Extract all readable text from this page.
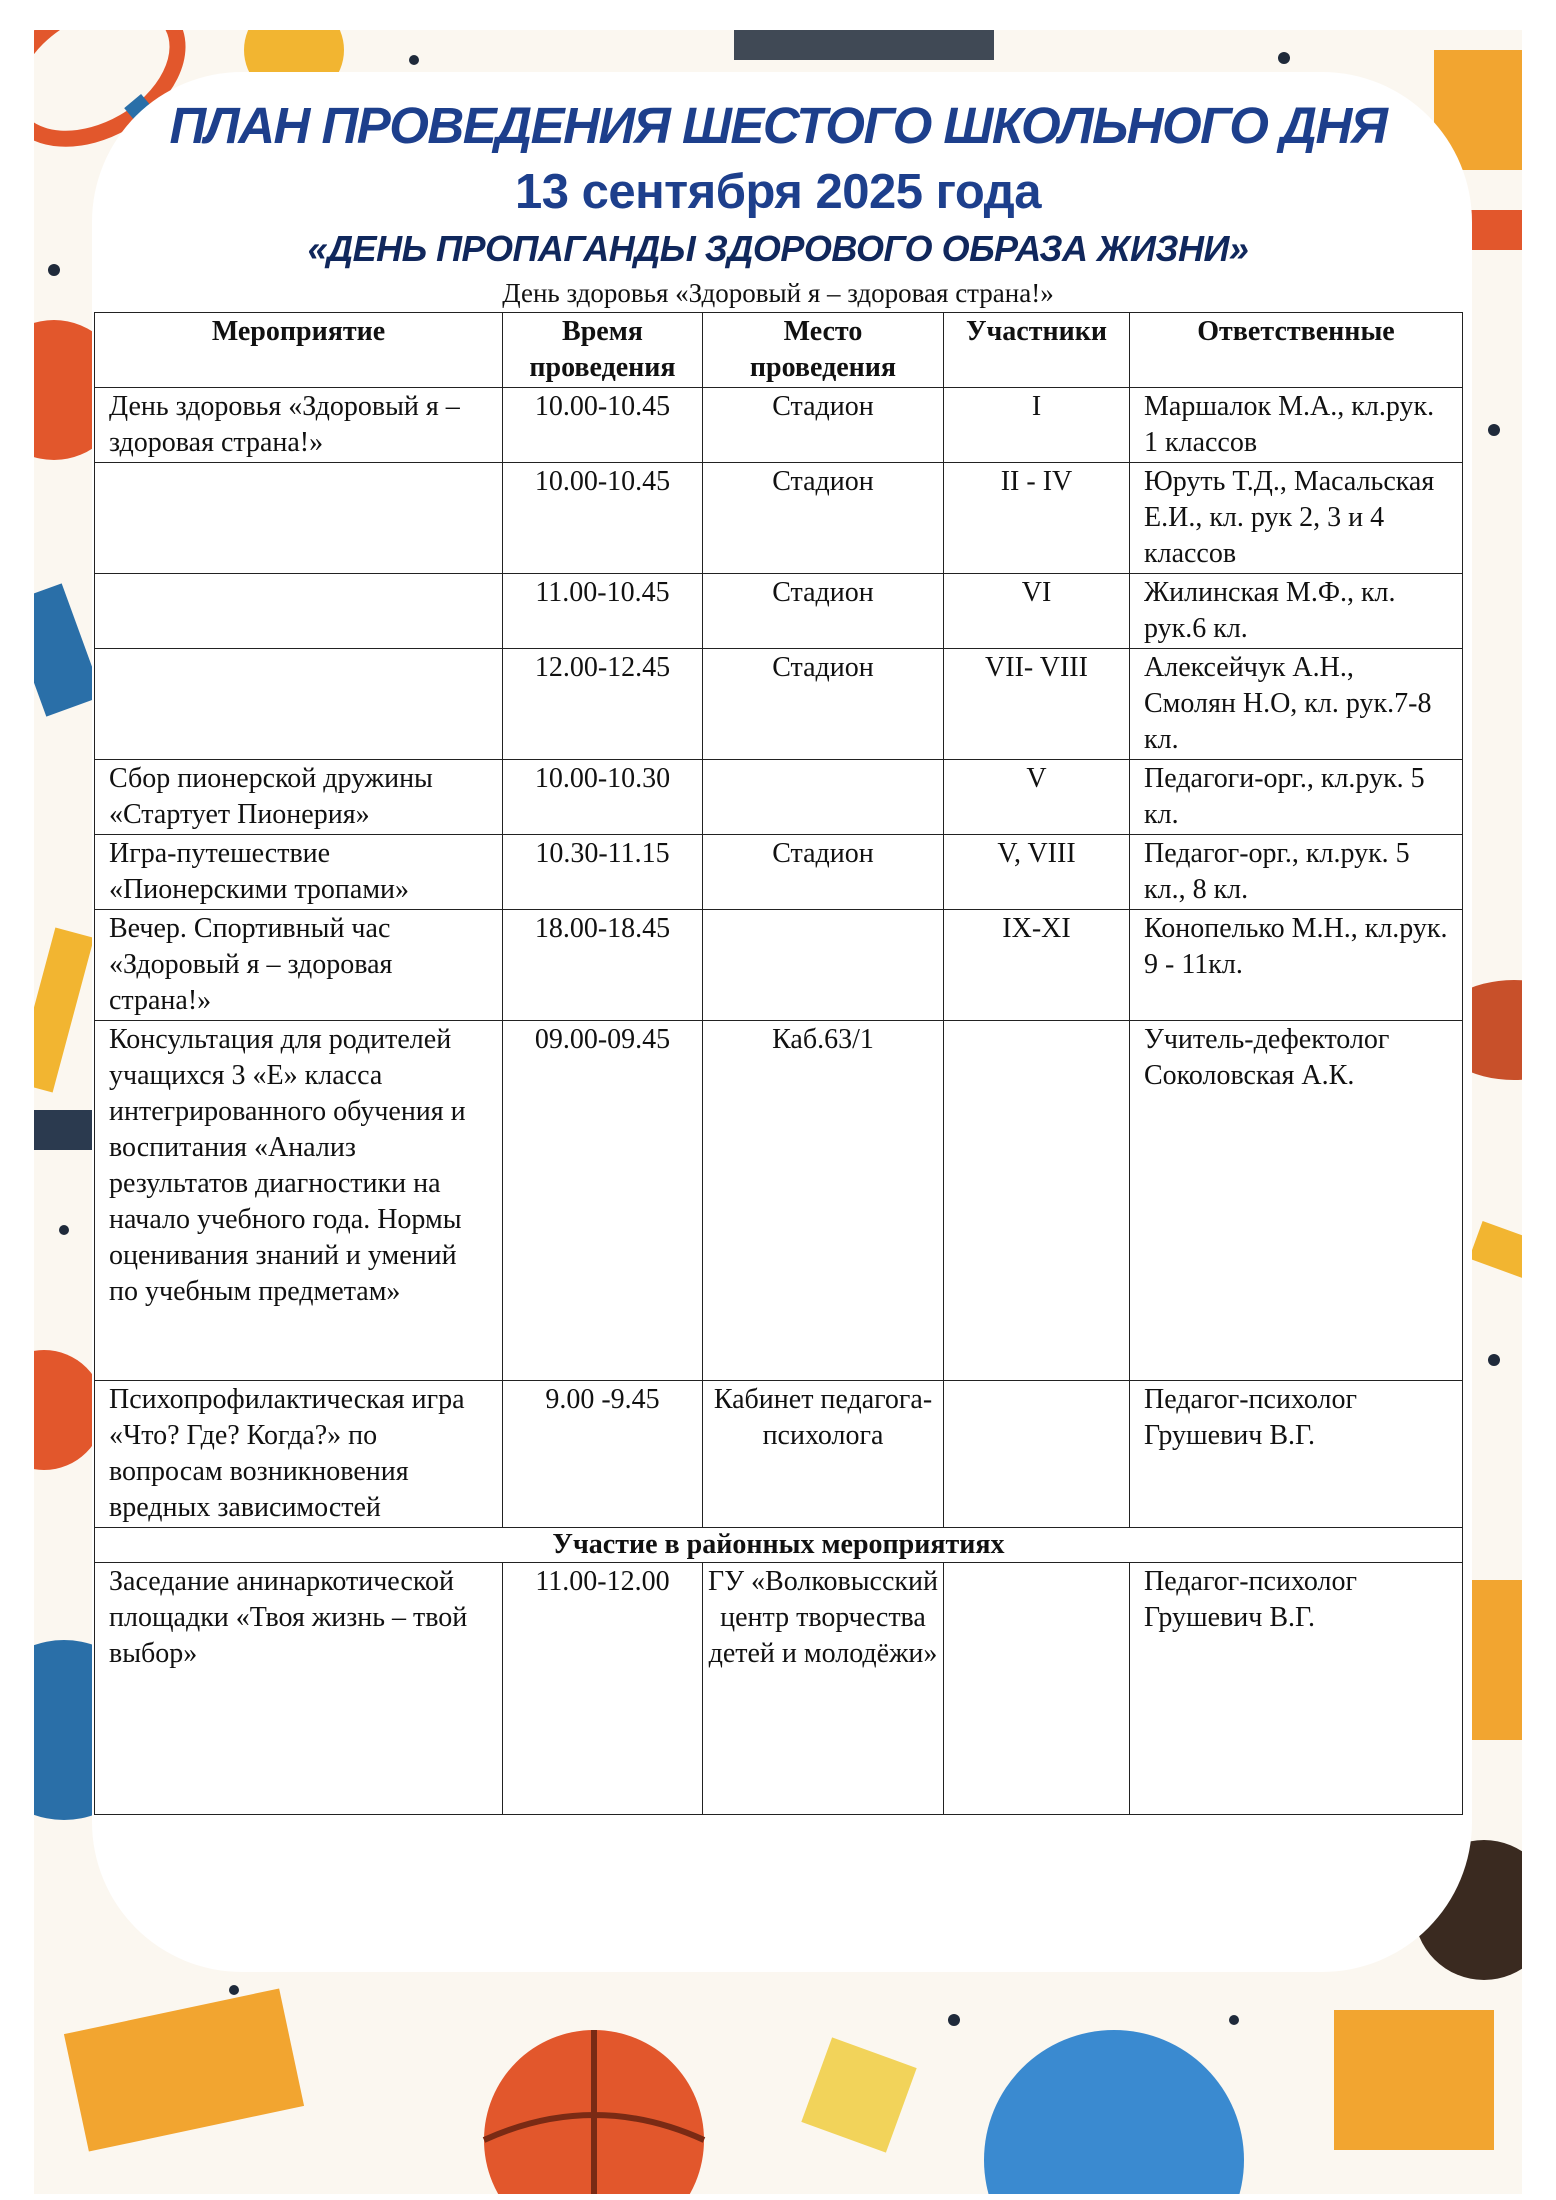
ПЛАН ПРОВЕДЕНИЯ ШЕСТОГО ШКОЛЬНОГО ДНЯ
13 сентября 2025 года
«ДЕНЬ ПРОПАГАНДЫ ЗДОРОВОГО ОБРАЗА ЖИЗНИ»
День здоровья «Здоровый я – здоровая страна!»
Мероприятие	Время проведения	Место проведения	Участники	Ответственные
День здоровья «Здоровый я – здоровая страна!»	10.00-10.45	Стадион	I	Маршалок М.А., кл.рук. 1 классов
	10.00-10.45	Стадион	II - IV	Юруть Т.Д., Масальская Е.И., кл. рук 2, 3 и 4 классов
	11.00-10.45	Стадион	VI	Жилинская М.Ф., кл. рук.6 кл.
	12.00-12.45	Стадион	VII- VIII	Алексейчук А.Н., Смолян Н.О, кл. рук.7-8 кл.
Сбор пионерской дружины «Стартует Пионерия»	10.00-10.30		V	Педагоги-орг., кл.рук. 5 кл.
Игра-путешествие «Пионерскими тропами»	10.30-11.15	Стадион	V, VIII	Педагог-орг., кл.рук. 5 кл., 8 кл.
Вечер. Спортивный час «Здоровый я – здоровая страна!»	18.00-18.45		IX-XI	Конопелько М.Н., кл.рук. 9 - 11кл.
Консультация для родителей учащихся 3 «Е» класса интегрированного обучения и воспитания «Анализ результатов диагностики на начало учебного года. Нормы оценивания знаний и умений по учебным предметам»	09.00-09.45	Каб.63/1		Учитель-дефектолог Соколовская А.К.
Психопрофилактическая игра «Что? Где? Когда?» по вопросам возникновения вредных зависимостей	9.00 -9.45	Кабинет педагога-психолога		Педагог-психолог Грушевич В.Г.
Участие в районных мероприятиях				
Заседание анинаркотической площадки «Твоя жизнь – твой выбор»	11.00-12.00	ГУ «Волковысский центр творчества детей и молодёжи»		Педагог-психолог Грушевич В.Г.
